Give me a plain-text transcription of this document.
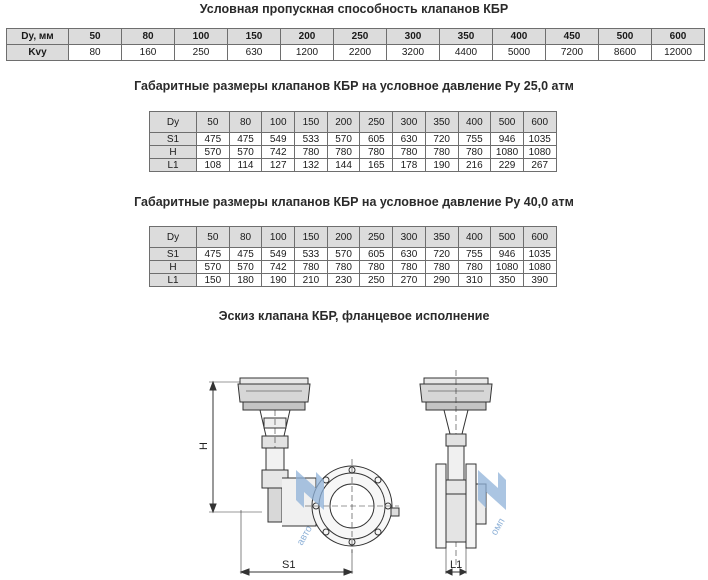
Условная пропускная способность клапанов КБР
Dy, мм	50	80	100	150	200	250	300	350	400	450	500	600
Kvy	80	160	250	630	1200	2200	3200	4400	5000	7200	8600	12000
Габаритные размеры клапанов КБР на условное давление Ру 25,0 атм
Dy	50	80	100	150	200	250	300	350	400	500	600
S1	475	475	549	533	570	605	630	720	755	946	1035
H	570	570	742	780	780	780	780	780	780	1080	1080
L1	108	114	127	132	144	165	178	190	216	229	267
Габаритные размеры клапанов КБР на условное давление Ру 40,0 атм
Dy	50	80	100	150	200	250	300	350	400	500	600
S1	475	475	549	533	570	605	630	720	755	946	1035
H	570	570	742	780	780	780	780	780	780	1080	1080
L1	150	180	190	210	230	250	270	290	310	350	390
Эскиз клапана КБР, фланцевое исполнение
авто	омп
H
S1	L1
